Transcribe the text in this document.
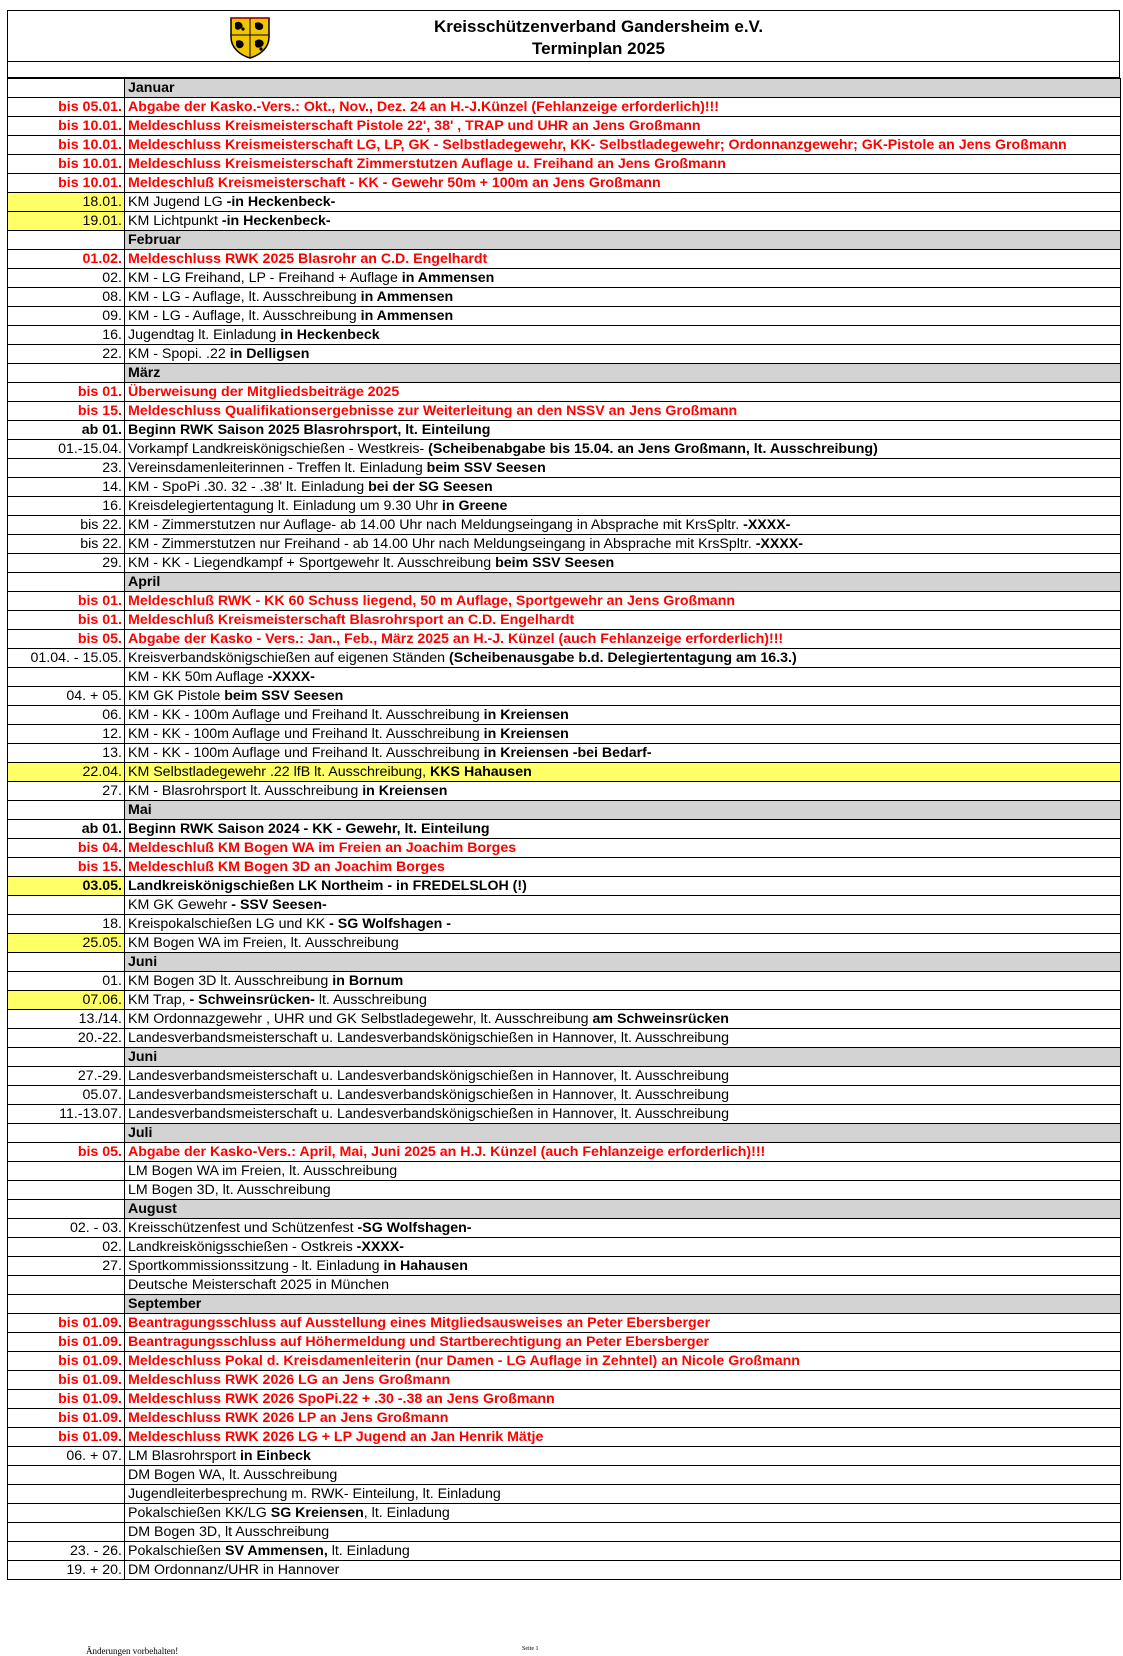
Kreisschützenverband Gandersheim e.V.
Terminplan 2025
	Januar
bis 05.01.	Abgabe der Kasko.-Vers.: Okt., Nov., Dez. 24 an H.-J.Künzel (Fehlanzeige erforderlich)!!!
bis 10.01.	Meldeschluss Kreismeisterschaft Pistole 22', 38' , TRAP und UHR an Jens Großmann
bis 10.01.	Meldeschluss Kreismeisterschaft LG, LP, GK - Selbstladegewehr, KK- Selbstladegewehr; Ordonnanzgewehr; GK-Pistole an Jens Großmann
bis 10.01.	Meldeschluss Kreismeisterschaft Zimmerstutzen Auflage u. Freihand an Jens Großmann
bis 10.01.	Meldeschluß Kreismeisterschaft - KK - Gewehr 50m + 100m an Jens Großmann
18.01.	KM Jugend LG -in Heckenbeck-
19.01.	KM Lichtpunkt -in Heckenbeck-
	Februar
01.02.	Meldeschluss RWK 2025 Blasrohr an C.D. Engelhardt
02.	KM - LG Freihand, LP - Freihand + Auflage in Ammensen
08.	KM - LG - Auflage, lt. Ausschreibung in Ammensen
09.	KM - LG - Auflage, lt. Ausschreibung in Ammensen
16.	Jugendtag lt. Einladung in Heckenbeck
22.	KM - Spopi. .22 in Delligsen
	März
bis 01.	Überweisung der Mitgliedsbeiträge 2025
bis 15.	Meldeschluss Qualifikationsergebnisse zur Weiterleitung an den NSSV an Jens Großmann
ab 01.	Beginn RWK Saison 2025 Blasrohrsport, lt. Einteilung
01.-15.04.	Vorkampf Landkreiskönigschießen - Westkreis- (Scheibenabgabe bis 15.04. an Jens Großmann, lt. Ausschreibung)
23.	Vereinsdamenleiterinnen - Treffen lt. Einladung beim SSV Seesen
14.	KM - SpoPi .30. 32 - .38' lt. Einladung bei der SG Seesen
16.	Kreisdelegiertentagung lt. Einladung um 9.30 Uhr in Greene
bis 22.	KM - Zimmerstutzen nur Auflage- ab 14.00 Uhr nach Meldungseingang in Absprache mit KrsSpltr. -XXXX-
bis 22.	KM - Zimmerstutzen nur Freihand - ab 14.00 Uhr nach Meldungseingang in Absprache mit KrsSpltr. -XXXX-
29.	KM - KK - Liegendkampf + Sportgewehr lt. Ausschreibung beim SSV Seesen
	April
bis 01.	Meldeschluß RWK - KK 60 Schuss liegend, 50 m Auflage, Sportgewehr an Jens Großmann
bis 01.	Meldeschluß Kreismeisterschaft Blasrohrsport an C.D. Engelhardt
bis 05.	Abgabe der Kasko - Vers.: Jan., Feb., März 2025 an H.-J. Künzel (auch Fehlanzeige erforderlich)!!!
01.04. - 15.05.	Kreisverbandskönigschießen auf eigenen Ständen (Scheibenausgabe b.d. Delegiertentagung am 16.3.)
	KM - KK 50m Auflage -XXXX-
04. + 05.	KM GK Pistole beim SSV Seesen
06.	KM - KK - 100m Auflage und Freihand lt. Ausschreibung in Kreiensen
12.	KM - KK - 100m Auflage und Freihand lt. Ausschreibung in Kreiensen
13.	KM - KK - 100m Auflage und Freihand lt. Ausschreibung in Kreiensen -bei Bedarf-
22.04.	KM Selbstladegewehr .22 lfB lt. Ausschreibung, KKS Hahausen
27.	KM - Blasrohrsport lt. Ausschreibung in Kreiensen
	Mai
ab 01.	Beginn RWK Saison 2024 - KK - Gewehr, lt. Einteilung
bis 04.	Meldeschluß KM Bogen WA im Freien an Joachim Borges
bis 15.	Meldeschluß KM Bogen 3D an Joachim Borges
03.05.	Landkreiskönigschießen LK Northeim - in FREDELSLOH (!)
	KM GK Gewehr - SSV Seesen-
18.	Kreispokalschießen LG und KK - SG Wolfshagen -
25.05.	KM Bogen WA im Freien, lt. Ausschreibung
	Juni
01.	KM Bogen 3D lt. Ausschreibung in Bornum
07.06.	KM Trap, - Schweinsrücken- lt. Ausschreibung
13./14.	KM Ordonnazgewehr , UHR und GK Selbstladegewehr, lt. Ausschreibung am Schweinsrücken
20.-22.	Landesverbandsmeisterschaft u. Landesverbandskönigschießen in Hannover, lt. Ausschreibung
	Juni
27.-29.	Landesverbandsmeisterschaft u. Landesverbandskönigschießen in Hannover, lt. Ausschreibung
05.07.	Landesverbandsmeisterschaft u. Landesverbandskönigschießen in Hannover, lt. Ausschreibung
11.-13.07.	Landesverbandsmeisterschaft u. Landesverbandskönigschießen in Hannover, lt. Ausschreibung
	Juli
bis 05.	Abgabe der Kasko-Vers.: April, Mai, Juni 2025 an H.J. Künzel (auch Fehlanzeige erforderlich)!!!
	LM Bogen WA im Freien, lt. Ausschreibung
	LM Bogen 3D, lt. Ausschreibung
	August
02. - 03.	Kreisschützenfest und Schützenfest -SG Wolfshagen-
02.	Landkreiskönigsschießen - Ostkreis -XXXX-
27.	Sportkommissionssitzung - lt. Einladung in Hahausen
	Deutsche Meisterschaft 2025 in München
	September
bis 01.09.	Beantragungsschluss auf Ausstellung eines Mitgliedsausweises an Peter Ebersberger
bis 01.09.	Beantragungsschluss auf Höhermeldung und Startberechtigung an Peter Ebersberger
bis 01.09.	Meldeschluss Pokal d. Kreisdamenleiterin (nur Damen - LG Auflage in Zehntel) an Nicole Großmann
bis 01.09.	Meldeschluss RWK 2026 LG an Jens Großmann
bis 01.09.	Meldeschluss RWK 2026 SpoPi.22 + .30 -.38 an Jens Großmann
bis 01.09.	Meldeschluss RWK 2026 LP an Jens Großmann
bis 01.09.	Meldeschluss RWK 2026 LG + LP Jugend an Jan Henrik Mätje
06. + 07.	LM Blasrohrsport in Einbeck
	DM Bogen WA, lt. Ausschreibung
	Jugendleiterbesprechung m. RWK- Einteilung, lt. Einladung
	Pokalschießen KK/LG SG Kreiensen, lt. Einladung
	DM Bogen 3D, lt Ausschreibung
23. - 26.	Pokalschießen SV Ammensen, lt. Einladung
19. + 20.	DM Ordonnanz/UHR in Hannover
Änderungen vorbehalten!	Seite 1
